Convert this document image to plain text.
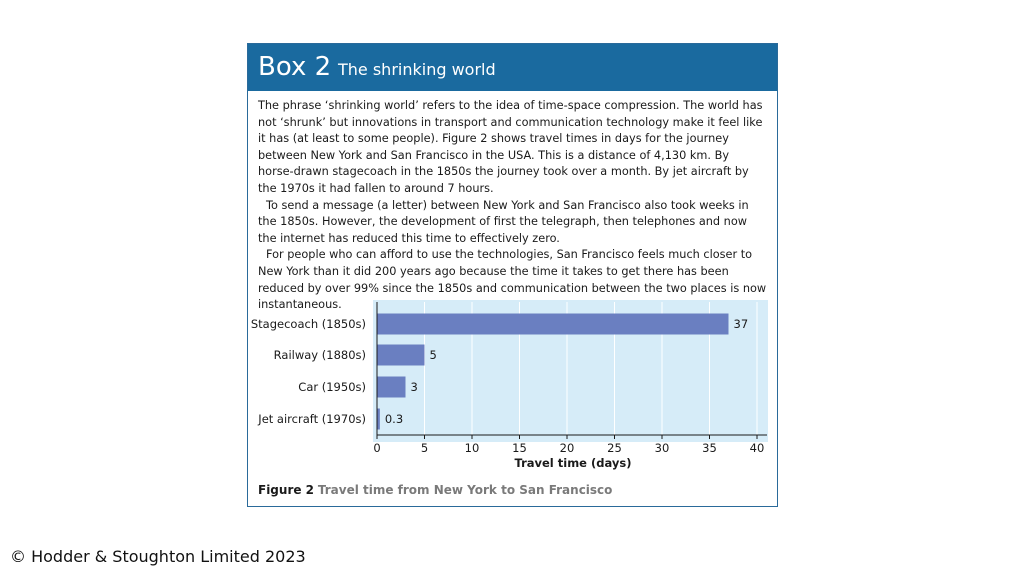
Box 2 The shrinking world

The phrase ‘shrinking world’ refers to the idea of time-space compression. The world has not ‘shrunk’ but innovations in transport and communication technology make it feel like it has (at least to some people). Figure 2 shows travel times in days for the journey between New York and San Francisco in the USA. This is a distance of 4,130 km. By horse-drawn stagecoach in the 1850s the journey took over a month. By jet aircraft by the 1970s it had fallen to around 7 hours.

To send a message (a letter) between New York and San Francisco also took weeks in the 1850s. However, the development of first the telegraph, then telephones and now the internet has reduced this time to effectively zero.

For people who can afford to use the technologies, San Francisco feels much closer to New York than it did 200 years ago because the time it takes to get there has been reduced by over 99% since the 1850s and communication between the two places is now instantaneous.

37
Stagecoach (1850s)
5
Railway (1880s)
3
Car (1950s)
0.3
Jet aircraft (1970s)
0	5	10	15	20	25	30	35	40
Travel time (days)
Figure 2 Travel time from New York to San Francisco
© Hodder & Stoughton Limited 2023
